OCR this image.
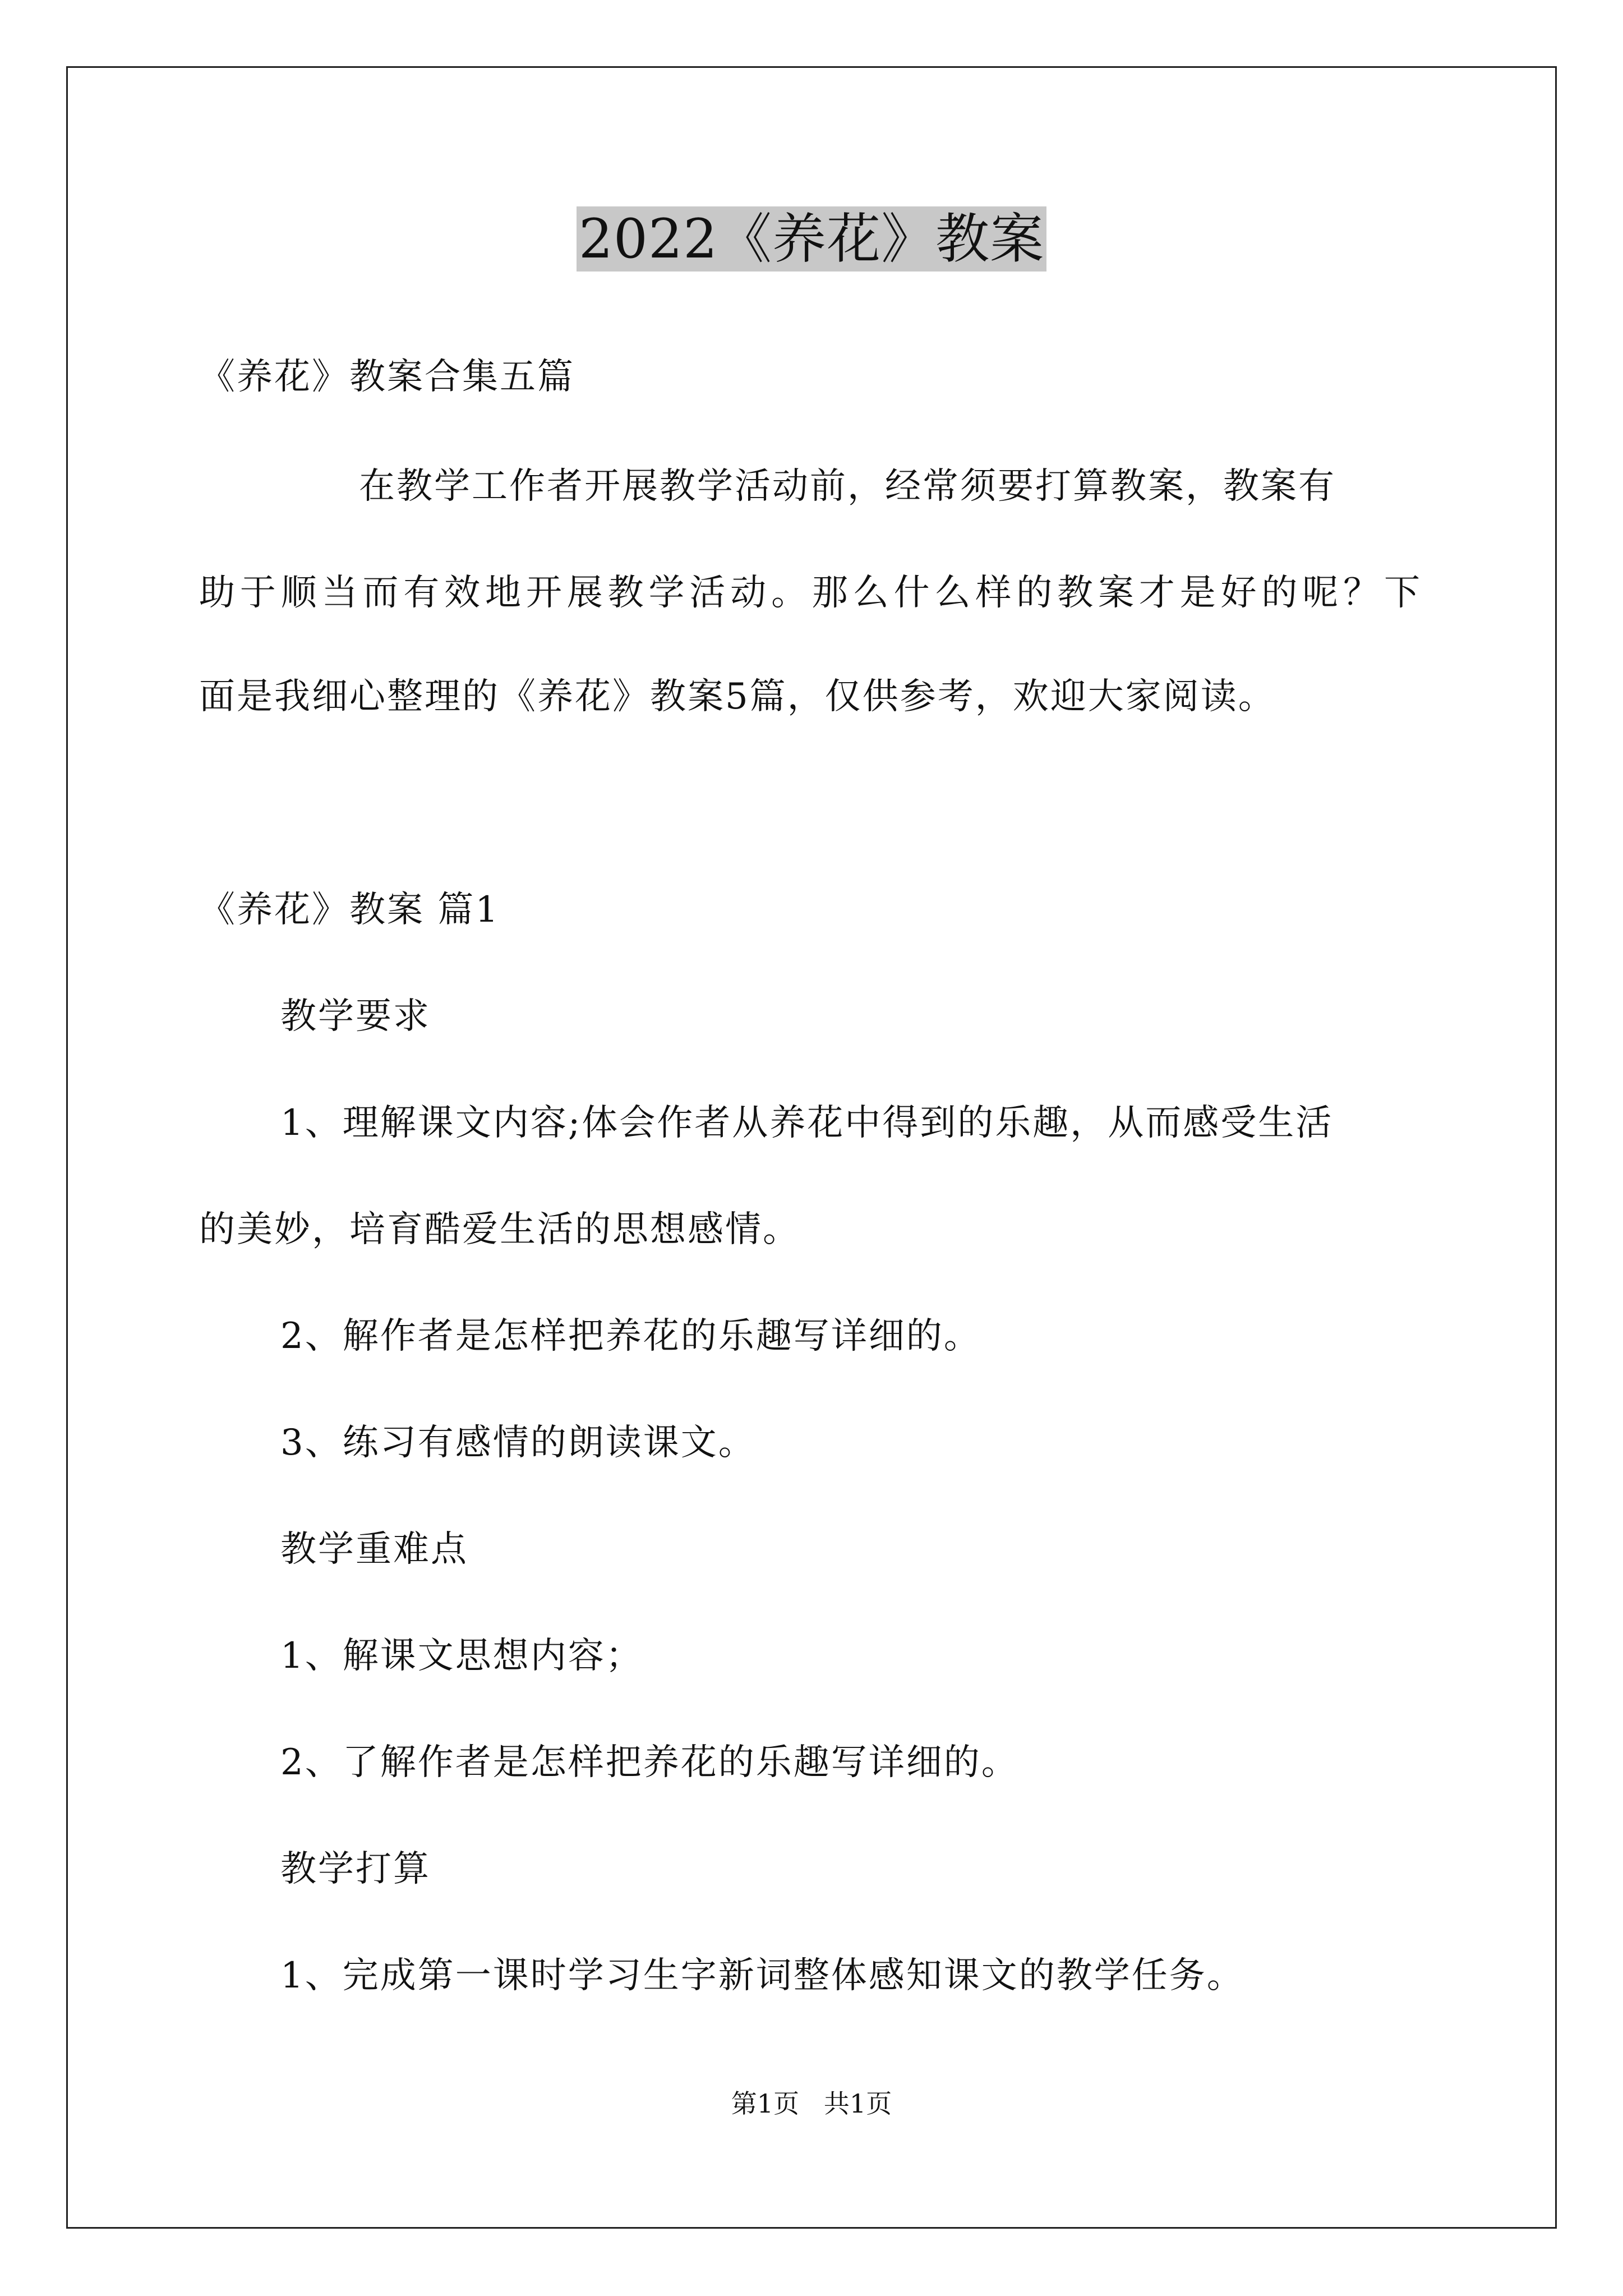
2022《养花》教案
《养花》教案合集五篇
在教学工作者开展教学活动前，经常须要打算教案，教案有
助于顺当而有效地开展教学活动。那么什么样的教案才是好的呢？下
面是我细心整理的《养花》教案5篇，仅供参考，欢迎大家阅读。
《养花》教案 篇1
教学要求
1、理解课文内容;体会作者从养花中得到的乐趣，从而感受生活
的美妙，培育酷爱生活的思想感情。
2、解作者是怎样把养花的乐趣写详细的。
3、练习有感情的朗读课文。
教学重难点
1、解课文思想内容；
2、了解作者是怎样把养花的乐趣写详细的。
教学打算
1、完成第一课时学习生字新词整体感知课文的教学任务。
第1页   共1页
